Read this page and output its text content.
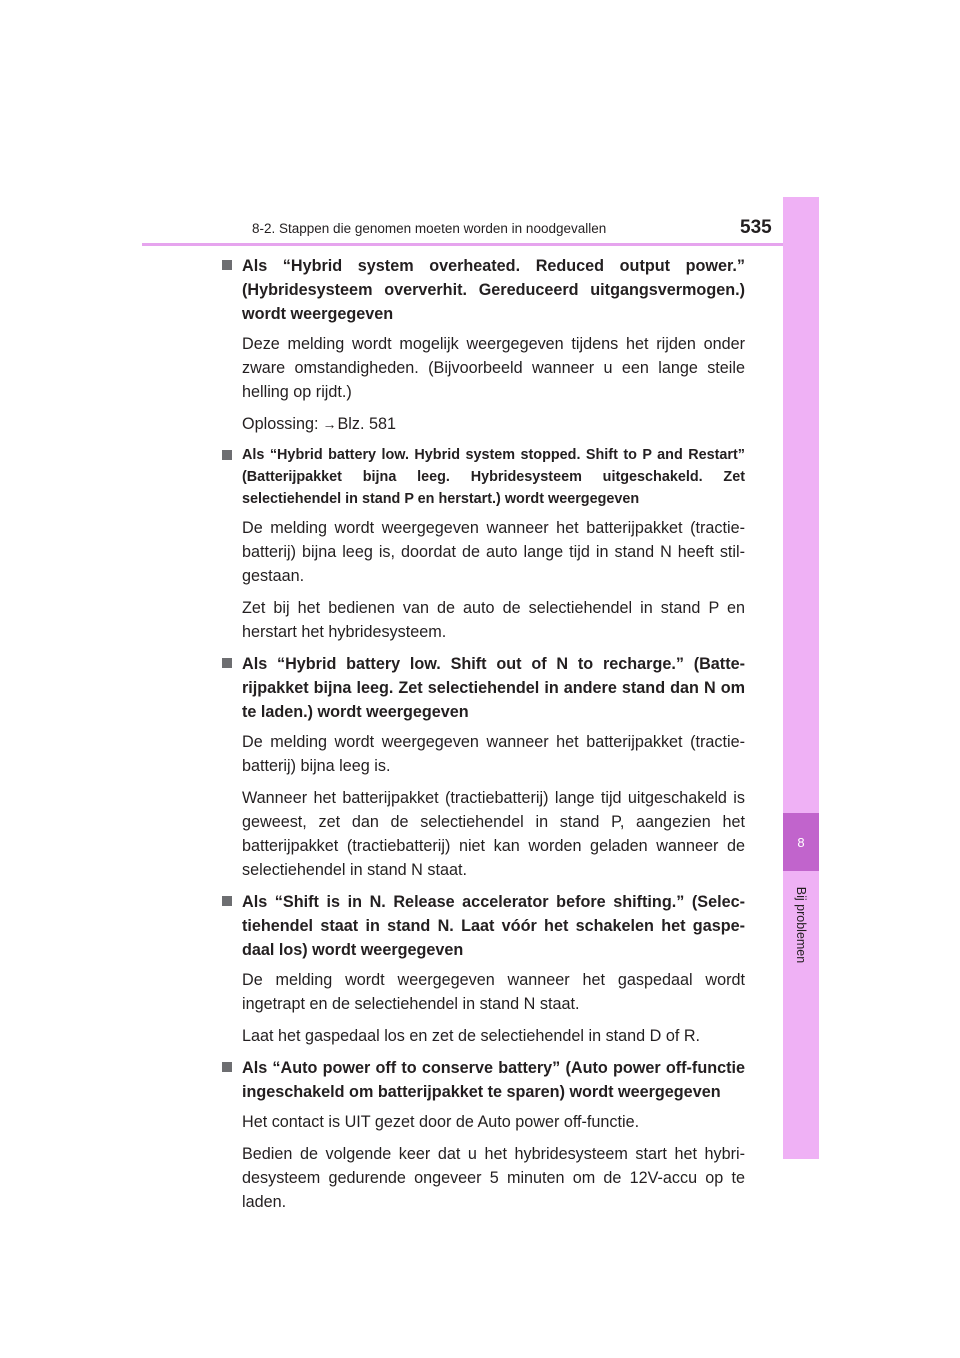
8-2. Stappen die genomen moeten worden in noodgevallen	535
8
Bij problemen
Als “Hybrid system overheated. Reduced output power.” (Hybridesysteem oververhit. Gereduceerd uitgangsvermogen.) wordt weergegeven

Deze melding wordt mogelijk weergegeven tijdens het rijden onder zware omstandigheden. (Bijvoorbeeld wanneer u een lange steile helling op rijdt.)

Oplossing: →Blz. 581

Als “Hybrid battery low. Hybrid system stopped. Shift to P and Restart” (Batterijpakket bijna leeg. Hybridesysteem uitgeschakeld. Zet selectiehendel in stand P en herstart.) wordt weergegeven

De melding wordt weergegeven wanneer het batterijpakket (tractie-batterij) bijna leeg is, doordat de auto lange tijd in stand N heeft stil-gestaan.

Zet bij het bedienen van de auto de selectiehendel in stand P en herstart het hybridesysteem.

Als “Hybrid battery low. Shift out of N to recharge.” (Batte-rijpakket bijna leeg. Zet selectiehendel in andere stand dan N om te laden.) wordt weergegeven

De melding wordt weergegeven wanneer het batterijpakket (tractie-batterij) bijna leeg is.

Wanneer het batterijpakket (tractiebatterij) lange tijd uitgeschakeld is geweest, zet dan de selectiehendel in stand P, aangezien het batterijpakket (tractiebatterij) niet kan worden geladen wanneer de selectiehendel in stand N staat.

Als “Shift is in N. Release accelerator before shifting.” (Selec-tiehendel staat in stand N. Laat vóór het schakelen het gaspe-daal los) wordt weergegeven

De melding wordt weergegeven wanneer het gaspedaal wordt ingetrapt en de selectiehendel in stand N staat.

Laat het gaspedaal los en zet de selectiehendel in stand D of R.

Als “Auto power off to conserve battery” (Auto power off-functie ingeschakeld om batterijpakket te sparen) wordt weergegeven

Het contact is UIT gezet door de Auto power off-functie.

Bedien de volgende keer dat u het hybridesysteem start het hybri-desysteem gedurende ongeveer 5 minuten om de 12V-accu op te laden.
